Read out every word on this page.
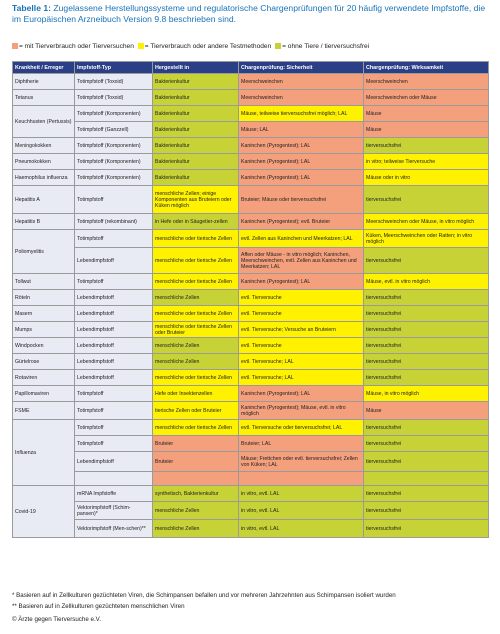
Tabelle 1: Zugelassene Herstellungssysteme und regulatorische Chargenprüfungen für 20 häufig verwendete Impfstoffe, die im Europäischen Arzneibuch Version 9.8 beschrieben sind.
= mit Tierverbrauch oder Tierversuchen = Tierverbrauch oder andere Testmethoden = ohne Tiere / tierversuchsfrei
Krankheit / Erreger	Impfstoff-Typ	Hergestellt in	Chargenprüfung: Sicherheit	Chargenprüfung: Wirksamkeit
Diphtherie	Totimpfstoff (Toxoid)	Bakterienkultur	Meerschweinchen	Meerschweinchen
Tetanus	Totimpfstoff (Toxoid)	Bakterienkultur	Meerschweinchen	Meerschweinchen oder Mäuse
Keuchhusten (Pertussis)	Totimpfstoff (Komponenten)	Bakterienkultur	Mäuse, teilweise tierversuchsfrei möglich; LAL	Mäuse
	Totimpfstoff (Ganzzell)	Bakterienkultur	Mäuse; LAL	Mäuse
Meningokokken	Totimpfstoff (Komponenten)	Bakterienkultur	Kaninchen (Pyrogentest); LAL	tierversuchsfrei
Pneumokokken	Totimpfstoff (Komponenten)	Bakterienkultur	Kaninchen (Pyrogentest); LAL	in vitro; teilweise Tierversuche
Haemophilus influenza	Totimpfstoff (Komponenten)	Bakterienkultur	Kaninchen (Pyrogentest); LAL	Mäuse oder in vitro
Hepatitis A	Totimpfstoff	menschliche Zellen; einige Komponenten aus Bruteiern oder Küken möglich	Bruteier; Mäuse oder tierversuchsfrei	tierversuchsfrei
Hepatitis B	Totimpfstoff (rekombinant)	in Hefe oder in Säugetier-zellen	Kaninchen (Pyrogentest); evtl. Bruteier	Meerschweinchen oder Mäuse, in vitro möglich
Poliomyelitis	Totimpfstoff	menschliche oder tierische Zellen	evtl. Zellen aus Kaninchen und Meerkatzen; LAL	Küken, Meerschweinchen oder Ratten; in vitro möglich
	Lebendimpfstoff	menschliche oder tierische Zellen	Affen oder Mäuse - in vitro möglich; Kaninchen, Meerschweinchen, evtl. Zellen aus Kaninchen und Meerkatzen; LAL	tierversuchsfrei
Tollwut	Totimpfstoff	menschliche oder tierische Zellen	Kaninchen (Pyrogentest); LAL	Mäuse, evtl. in vitro möglich
Röteln	Lebendimpfstoff	menschliche Zellen	evtl. Tierversuche	tierversuchsfrei
Masern	Lebendimpfstoff	menschliche oder tierische Zellen	evtl. Tierversuche	tierversuchsfrei
Mumps	Lebendimpfstoff	menschliche oder tierische Zellen oder Bruteier	evtl. Tierversuche; Versuche an Bruteiern	tierversuchsfrei
Windpocken	Lebendimpfstoff	menschliche Zellen	evtl. Tierversuche	tierversuchsfrei
Gürtelrose	Lebendimpfstoff	menschliche Zellen	evtl. Tierversuche; LAL	tierversuchsfrei
Rotaviren	Lebendimpfstoff	menschliche oder tierische Zellen	evtl. Tierversuche; LAL	tierversuchsfrei
Papillomaviren	Totimpfstoff	Hefe oder Insektenzellen	Kaninchen (Pyrogentest); LAL	Mäuse, in vitro möglich
FSME	Totimpfstoff	tierische Zellen oder Bruteier	Kaninchen (Pyrogentest); Mäuse, evtl. in vitro möglich	Mäuse
Influenza	Totimpfstoff	menschliche oder tierische Zellen	evtl. Tierversuche oder tierversuchsfrei; LAL	tierversuchsfrei
	Totimpfstoff	Bruteier	Bruteier; LAL	tierversuchsfrei
	Lebendimpfstoff	Bruteier	Mäuse; Frettchen oder evtl. tierversuchsfrei; Zellen von Küken; LAL	tierversuchsfrei

Covid-19	mRNA Impfstoffe	synthetisch, Bakterienkultur	in vitro, evtl. LAL	tierversuchsfrei
	Vektorimpfstoff (Schim-pansen)*	menschliche Zellen	in vitro, evtl. LAL	tierversuchsfrei
	Vektorimpfstoff (Men-schen)**	menschliche Zellen	in vitro, evtl. LAL	tierversuchsfrei
* Basieren auf in Zellkulturen gezüchteten Viren, die Schimpansen befallen und vor mehreren Jahrzehnten aus Schimpansen isoliert wurden
** Basieren auf in Zellkulturen gezüchteten menschlichen Viren
© Ärzte gegen Tierversuche e.V.
